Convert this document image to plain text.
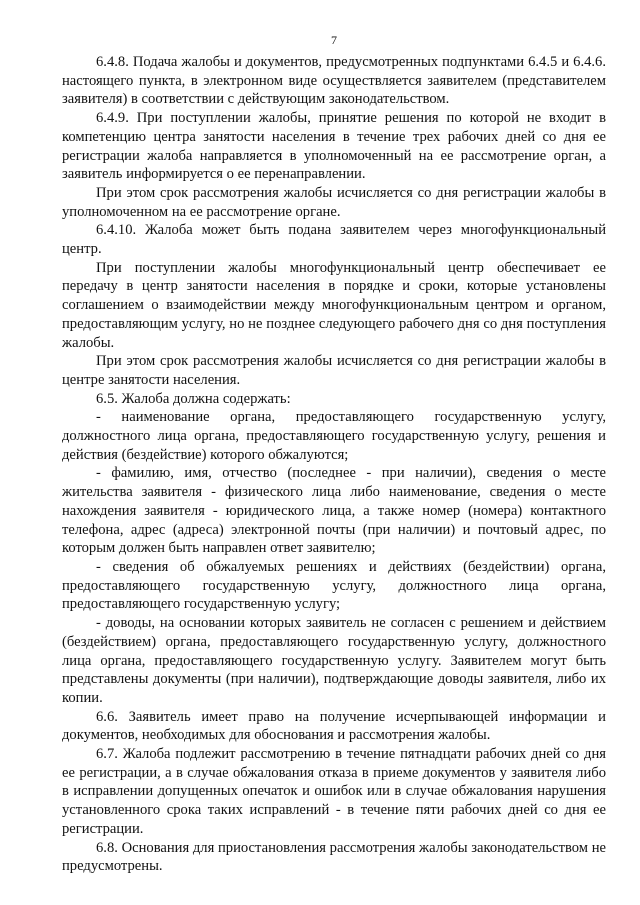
7

6.4.8. Подача жалобы и документов, предусмотренных подпунктами 6.4.5 и 6.4.6. настоящего пункта, в электронном виде осуществляется заявителем (представителем заявителя) в соответствии с действующим законодательством.

6.4.9. При поступлении жалобы, принятие решения по которой не входит в компетенцию центра занятости населения в течение трех рабочих дней со дня ее регистрации жалоба направляется в уполномоченный на ее рассмотрение орган, а заявитель информируется о ее перенаправлении.

При этом срок рассмотрения жалобы исчисляется со дня регистрации жалобы в уполномоченном на ее рассмотрение органе.

6.4.10. Жалоба может быть подана заявителем через многофункциональный центр.

При поступлении жалобы многофункциональный центр обеспечивает ее передачу в центр занятости населения в порядке и сроки, которые установлены соглашением о взаимодействии между многофункциональным центром и органом, предоставляющим услугу, но не позднее следующего рабочего дня со дня поступления жалобы.

При этом срок рассмотрения жалобы исчисляется со дня регистрации жалобы в центре занятости населения.

6.5. Жалоба должна содержать:

- наименование органа, предоставляющего государственную услугу, должностного лица органа, предоставляющего государственную услугу, решения и действия (бездействие) которого обжалуются;

- фамилию, имя, отчество (последнее - при наличии), сведения о месте жительства заявителя - физического лица либо наименование, сведения о месте нахождения заявителя - юридического лица, а также номер (номера) контактного телефона, адрес (адреса) электронной почты (при наличии) и почтовый адрес, по которым должен быть направлен ответ заявителю;

- сведения об обжалуемых решениях и действиях (бездействии) органа, предоставляющего государственную услугу, должностного лица органа, предоставляющего государственную услугу;

- доводы, на основании которых заявитель не согласен с решением и действием (бездействием) органа, предоставляющего государственную услугу, должностного лица органа, предоставляющего государственную услугу. Заявителем могут быть представлены документы (при наличии), подтверждающие доводы заявителя, либо их копии.

6.6. Заявитель имеет право на получение исчерпывающей информации и документов, необходимых для обоснования и рассмотрения жалобы.

6.7. Жалоба подлежит рассмотрению в течение пятнадцати рабочих дней со дня ее регистрации, а в случае обжалования отказа в приеме документов у заявителя либо в исправлении допущенных опечаток и ошибок или в случае обжалования нарушения установленного срока таких исправлений - в течение пяти рабочих дней со дня ее регистрации.

6.8. Основания для приостановления рассмотрения жалобы законодательством не предусмотрены.
